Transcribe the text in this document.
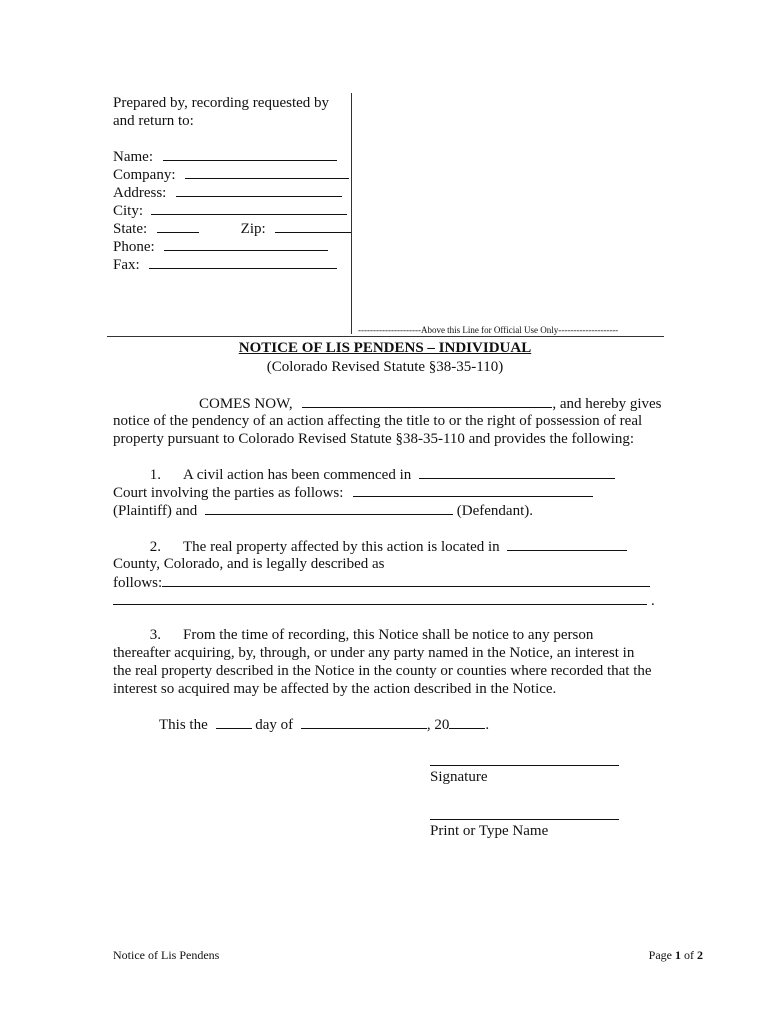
Prepared by, recording requested by
and return to:
Name:
Company:
Address:
City:
State:	Zip:
Phone:
Fax:
---------------------Above this Line for Official Use Only--------------------
NOTICE OF LIS PENDENS – INDIVIDUAL
(Colorado Revised Statute §38-35-110)
COMES NOW,	, and hereby gives
notice of the pendency of an action affecting the title to or the right of possession of real
property pursuant to Colorado Revised Statute §38-35-110 and provides the following:
1. A civil action has been commenced in
Court involving the parties as follows:
(Plaintiff) and	(Defendant).
2. The real property affected by this action is located in
County, Colorado, and is legally described as
follows:
.
3. From the time of recording, this Notice shall be notice to any person
thereafter acquiring, by, through, or under any party named in the Notice, an interest in
the real property described in the Notice in the county or counties where recorded that the
interest so acquired may be affected by the action described in the Notice.
This the	day of	, 20 .
Signature
Print or Type Name
Notice of Lis Pendens	Page 1 of 2
